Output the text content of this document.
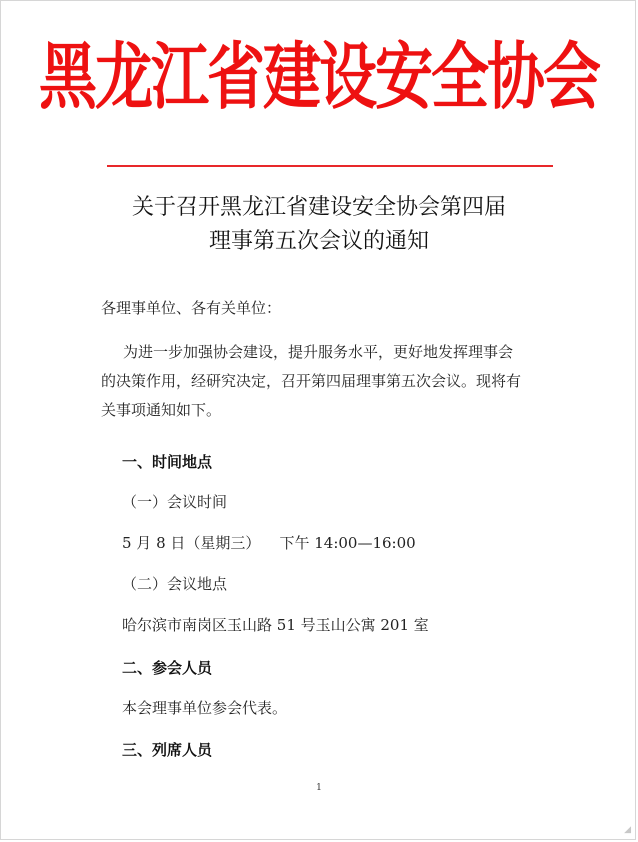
黑龙江省建设安全协会
关于召开黑龙江省建设安全协会第四届
理事第五次会议的通知
各理事单位、各有关单位：
为进一步加强协会建设，提升服务水平，更好地发挥理事会
的决策作用，经研究决定，召开第四届理事第五次会议。现将有
关事项通知如下。
一、时间地点
（一）会议时间
5 月 8 日（星期三）    下午 14:00—16:00
（二）会议地点
哈尔滨市南岗区玉山路 51 号玉山公寓 201 室
二、参会人员
本会理事单位参会代表。
三、列席人员
1
◢
